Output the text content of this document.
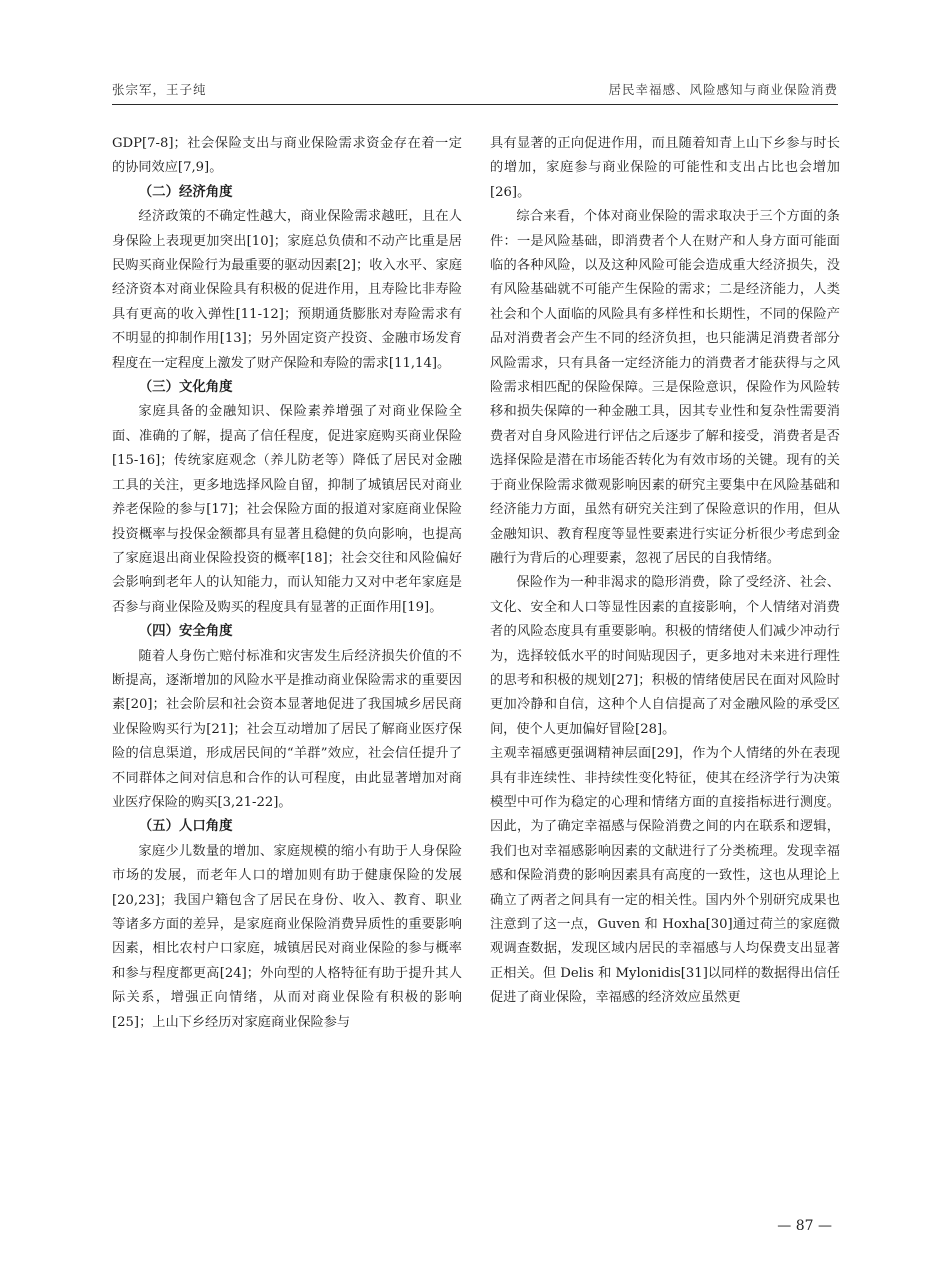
张宗军，王子纯	居民幸福感、风险感知与商业保险消费

GDP[7-8]；社会保险支出与商业保险需求资金存在着一定的协同效应[7,9]。

（二）经济角度

经济政策的不确定性越大，商业保险需求越旺，且在人身保险上表现更加突出[10]；家庭总负债和不动产比重是居民购买商业保险行为最重要的驱动因素[2]；收入水平、家庭经济资本对商业保险具有积极的促进作用，且寿险比非寿险具有更高的收入弹性[11-12]；预期通货膨胀对寿险需求有不明显的抑制作用[13]；另外固定资产投资、金融市场发育程度在一定程度上激发了财产保险和寿险的需求[11,14]。

（三）文化角度

家庭具备的金融知识、保险素养增强了对商业保险全面、准确的了解，提高了信任程度，促进家庭购买商业保险[15-16]；传统家庭观念（养儿防老等）降低了居民对金融工具的关注，更多地选择风险自留，抑制了城镇居民对商业养老保险的参与[17]；社会保险方面的报道对家庭商业保险投资概率与投保金额都具有显著且稳健的负向影响，也提高了家庭退出商业保险投资的概率[18]；社会交往和风险偏好会影响到老年人的认知能力，而认知能力又对中老年家庭是否参与商业保险及购买的程度具有显著的正面作用[19]。

（四）安全角度

随着人身伤亡赔付标准和灾害发生后经济损失价值的不断提高，逐渐增加的风险水平是推动商业保险需求的重要因素[20]；社会阶层和社会资本显著地促进了我国城乡居民商业保险购买行为[21]；社会互动增加了居民了解商业医疗保险的信息渠道，形成居民间的“羊群”效应，社会信任提升了不同群体之间对信息和合作的认可程度，由此显著增加对商业医疗保险的购买[3,21-22]。

（五）人口角度

家庭少儿数量的增加、家庭规模的缩小有助于人身保险市场的发展，而老年人口的增加则有助于健康保险的发展[20,23]；我国户籍包含了居民在身份、收入、教育、职业等诸多方面的差异，是家庭商业保险消费异质性的重要影响因素，相比农村户口家庭，城镇居民对商业保险的参与概率和参与程度都更高[24]；外向型的人格特征有助于提升其人际关系，增强正向情绪，从而对商业保险有积极的影响[25]；上山下乡经历对家庭商业保险参与

具有显著的正向促进作用，而且随着知青上山下乡参与时长的增加，家庭参与商业保险的可能性和支出占比也会增加[26]。

综合来看，个体对商业保险的需求取决于三个方面的条件：一是风险基础，即消费者个人在财产和人身方面可能面临的各种风险，以及这种风险可能会造成重大经济损失，没有风险基础就不可能产生保险的需求；二是经济能力，人类社会和个人面临的风险具有多样性和长期性，不同的保险产品对消费者会产生不同的经济负担，也只能满足消费者部分风险需求，只有具备一定经济能力的消费者才能获得与之风险需求相匹配的保险保障。三是保险意识，保险作为风险转移和损失保障的一种金融工具，因其专业性和复杂性需要消费者对自身风险进行评估之后逐步了解和接受，消费者是否选择保险是潜在市场能否转化为有效市场的关键。现有的关于商业保险需求微观影响因素的研究主要集中在风险基础和经济能力方面，虽然有研究关注到了保险意识的作用，但从金融知识、教育程度等显性要素进行实证分析很少考虑到金融行为背后的心理要素，忽视了居民的自我情绪。

保险作为一种非渴求的隐形消费，除了受经济、社会、文化、安全和人口等显性因素的直接影响，个人情绪对消费者的风险态度具有重要影响。积极的情绪使人们减少冲动行为，选择较低水平的时间贴现因子，更多地对未来进行理性的思考和积极的规划[27]；积极的情绪使居民在面对风险时更加冷静和自信，这种个人自信提高了对金融风险的承受区间，使个人更加偏好冒险[28]。

主观幸福感更强调精神层面[29]，作为个人情绪的外在表现具有非连续性、非持续性变化特征，使其在经济学行为决策模型中可作为稳定的心理和情绪方面的直接指标进行测度。因此，为了确定幸福感与保险消费之间的内在联系和逻辑，我们也对幸福感影响因素的文献进行了分类梳理。发现幸福感和保险消费的影响因素具有高度的一致性，这也从理论上确立了两者之间具有一定的相关性。国内外个别研究成果也注意到了这一点，Guven 和 Hoxha[30]通过荷兰的家庭微观调查数据，发现区域内居民的幸福感与人均保费支出显著正相关。但 Delis 和 Mylonidis[31]以同样的数据得出信任促进了商业保险，幸福感的经济效应虽然更

— 87 —
